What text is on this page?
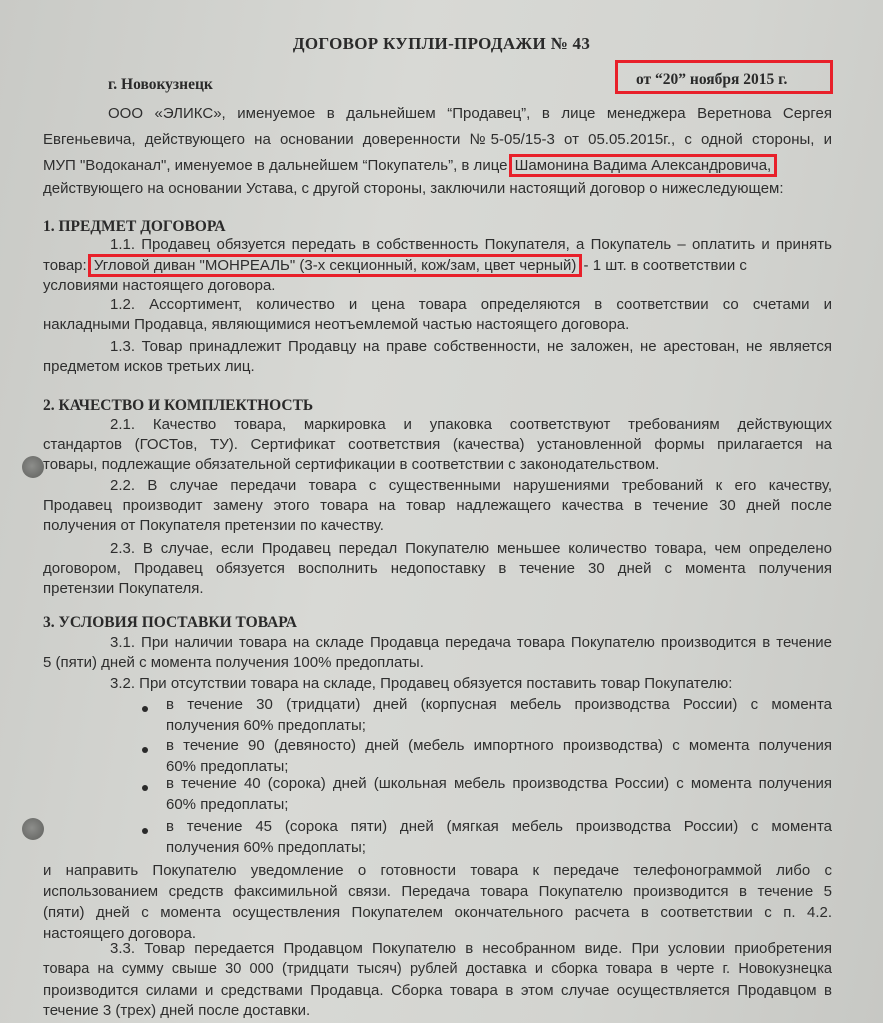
ДОГОВОР КУПЛИ-ПРОДАЖИ № 43
г. Новокузнецк	от “20” ноября 2015 г.
ООО «ЭЛИКС», именуемое в дальнейшем “Продавец”, в лице менеджера Веретнова Сергея
Евгеньевича, действующего на основании доверенности №5-05/15-3 от 05.05.2015г., с одной стороны, и
МУП "Водоканал", именуемое в дальнейшем “Покупатель”, в лице Шамонина Вадима Александровича,
действующего на основании Устава, с другой стороны, заключили настоящий договор о нижеследующем:
1. ПРЕДМЕТ ДОГОВОРА
1.1. Продавец обязуется передать в собственность Покупателя, а Покупатель – оплатить и принять
товар: Угловой диван "МОНРЕАЛЬ" (3-х секционный, кож/зам, цвет черный) - 1 шт. в соответствии с
условиями настоящего договора.
1.2. Ассортимент, количество и цена товара определяются в соответствии со счетами и
накладными Продавца, являющимися неотъемлемой частью настоящего договора.
1.3. Товар принадлежит Продавцу на праве собственности, не заложен, не арестован, не является
предметом исков третьих лиц.
2. КАЧЕСТВО И КОМПЛЕКТНОСТЬ
2.1. Качество товара, маркировка и упаковка соответствуют требованиям действующих
стандартов (ГОСТов, ТУ). Сертификат соответствия (качества) установленной формы прилагается на
товары, подлежащие обязательной сертификации в соответствии с законодательством.
2.2. В случае передачи товара с существенными нарушениями требований к его качеству,
Продавец производит замену этого товара на товар надлежащего качества в течение 30 дней после
получения от Покупателя претензии по качеству.
2.3. В случае, если Продавец передал Покупателю меньшее количество товара, чем определено
договором, Продавец обязуется восполнить недопоставку в течение 30 дней с момента получения
претензии Покупателя.
3. УСЛОВИЯ ПОСТАВКИ ТОВАРА
3.1. При наличии товара на складе Продавца передача товара Покупателю производится в течение
5 (пяти) дней с момента получения 100% предоплаты.
3.2. При отсутствии товара на складе, Продавец обязуется поставить товар Покупателю:
в течение 30 (тридцати) дней (корпусная мебель производства России) с момента
получения 60% предоплаты;
в течение 90 (девяносто) дней (мебель импортного производства) с момента получения
60% предоплаты;
в течение 40 (сорока) дней (школьная мебель производства России) с момента получения
60% предоплаты;
в течение 45 (сорока пяти) дней (мягкая мебель производства России) с момента
получения 60% предоплаты;
и направить Покупателю уведомление о готовности товара к передаче телефонограммой либо с
использованием средств факсимильной связи. Передача товара Покупателю производится в течение 5
(пяти) дней с момента осуществления Покупателем окончательного расчета в соответствии с п. 4.2.
настоящего договора.
3.3. Товар передается Продавцом Покупателю в несобранном виде. При условии приобретения
товара на сумму свыше 30 000 (тридцати тысяч) рублей доставка и сборка товара в черте г. Новокузнецка
производится силами и средствами Продавца. Сборка товара в этом случае осуществляется Продавцом в
течение 3 (трех) дней после доставки.
